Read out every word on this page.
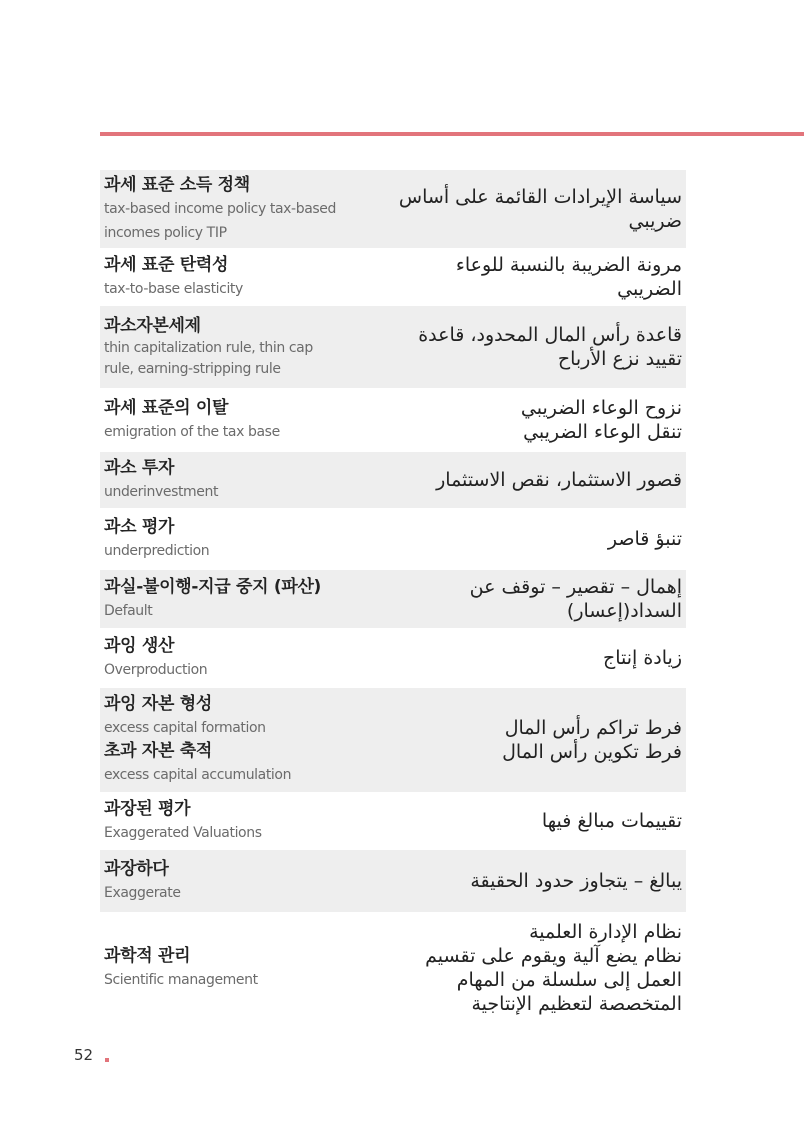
과세 표준 소득 정책
tax-based income policy tax-based
incomes policy TIP
سياسة الإيرادات القائمة على أساس
ضريبي
과세 표준 탄력성
tax-to-base elasticity
مرونة الضريبة بالنسبة للوعاء
الضريبي
과소자본세제
thin capitalization rule, thin cap
rule, earning-stripping rule
قاعدة رأس المال المحدود، قاعدة
تقييد نزع الأرباح
과세 표준의 이탈
emigration of the tax base
نزوح الوعاء الضريبي
تنقل الوعاء الضريبي
과소 투자
underinvestment
قصور الاستثمار، نقص الاستثمار
과소 평가
underprediction
تنبؤ قاصر
과실-불이행-지급 중지 (파산)
Default
إهمال – تقصير – توقف عن
السداد(إعسار)
과잉 생산
Overproduction
زيادة إنتاج
과잉 자본 형성
excess capital formation
초과 자본 축적
excess capital accumulation
فرط تراكم رأس المال
فرط تكوين رأس المال
과장된 평가
Exaggerated Valuations
تقييمات مبالغ فيها
과장하다
Exaggerate
يبالغ – يتجاوز حدود الحقيقة
과학적 관리
Scientific management
نظام الإدارة العلمية
نظام يضع آلية ويقوم على تقسيم
العمل إلى سلسلة من المهام
المتخصصة لتعظيم الإنتاجية
52
